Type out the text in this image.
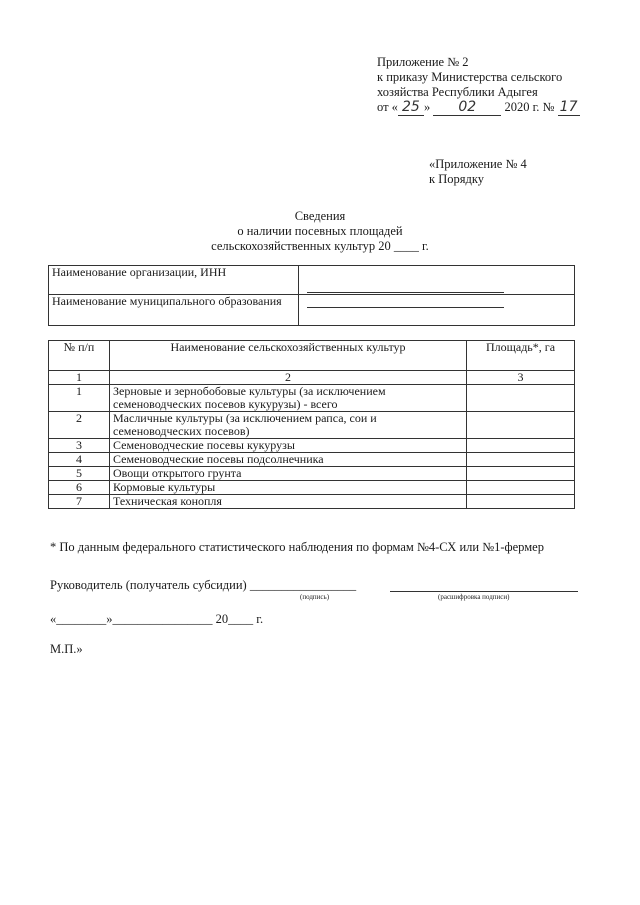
Приложение № 2
к приказу Министерства сельского
хозяйства Республики Адыгея
от « 25 » 02 2020 г. № 17
«Приложение № 4
к Порядку
Сведения
о наличии посевных площадей
сельскохозяйственных культур 20 ____ г.
Наименование организации, ИНН	

Наименование муниципального образования	
№ п/п	Наименование сельскохозяйственных культур	Площадь*, га
1	2	3
1	Зерновые и зернобобовые культуры (за исключением семеноводческих посевов кукурузы) - всего	
2	Масличные культуры (за исключением рапса, сои и семеноводческих посевов)	
3	Семеноводческие посевы кукурузы	
4	Семеноводческие посевы подсолнечника	
5	Овощи открытого грунта	
6	Кормовые культуры	
7	Техническая конопля	
* По данным федерального статистического наблюдения по формам №4-СХ или №1-фермер
Руководитель (получатель субсидии) _________________
(подпись)	(расшифровка подписи)
«________»________________ 20____ г.
М.П.»
